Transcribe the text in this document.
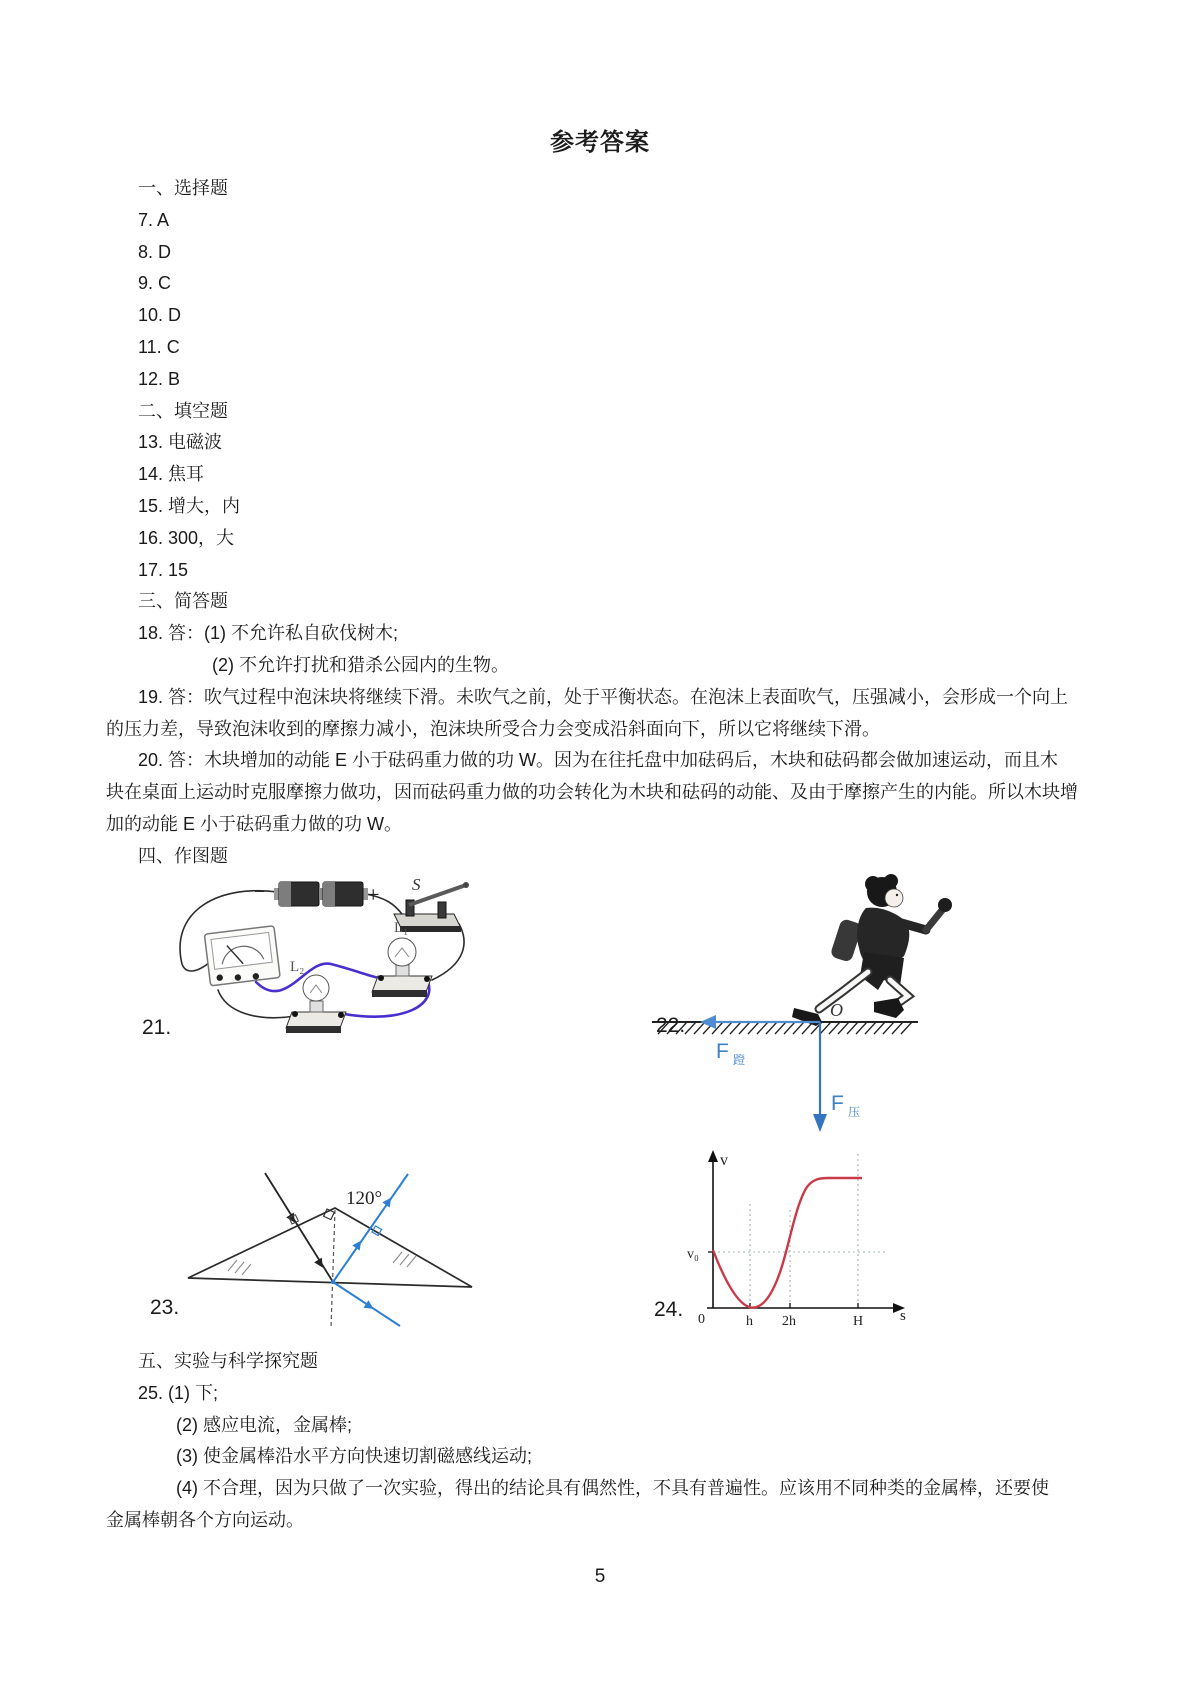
参考答案
一、选择题
7. A
8. D
9. C
10. D
11. C
12. B
二、填空题
13. 电磁波
14. 焦耳
15. 增大，内
16. 300，大
17. 15
三、简答题
18. 答：(1) 不允许私自砍伐树木;
(2) 不允许打扰和猎杀公园内的生物。
19. 答：吹气过程中泡沫块将继续下滑。未吹气之前，处于平衡状态。在泡沫上表面吹气，压强减小，会形成一个向上
的压力差，导致泡沫收到的摩擦力减小，泡沫块所受合力会变成沿斜面向下，所以它将继续下滑。
20. 答：木块增加的动能 E 小于砝码重力做的功 W。因为在往托盘中加砝码后，木块和砝码都会做加速运动，而且木
块在桌面上运动时克服摩擦力做功，因而砝码重力做的功会转化为木块和砝码的动能、及由于摩擦产生的内能。所以木块增
加的动能 E 小于砝码重力做的功 W。
四、作图题
−	+ S
L₁
L₂
21.
O
F 蹬
F 压
22.
120°
23.
v
s
0
v₀
h 2h	H
24.
五、实验与科学探究题
25. (1) 下;
(2) 感应电流，金属棒;
(3) 使金属棒沿水平方向快速切割磁感线运动;
(4) 不合理，因为只做了一次实验，得出的结论具有偶然性，不具有普遍性。应该用不同种类的金属棒，还要使
金属棒朝各个方向运动。
5
